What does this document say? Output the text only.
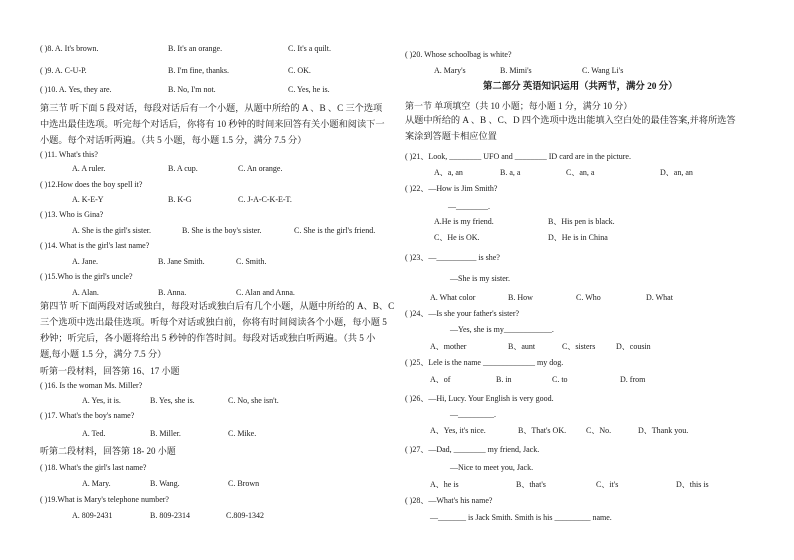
( )8. A. It's brown.	B. It's an orange.	C. It's a quilt.
( )9. A. C-U-P.	B. I'm fine, thanks.	C. OK.
( )10. A. Yes, they are.	B. No, I'm not.	C. Yes, he is.
第三节 听下面 5 段对话，每段对话后有一个小题，从题中所给的 A 、B 、C 三个选项
中选出最佳选项。听完每个对话后，你将有 10 秒钟的时间来回答有关小题和阅读下一
小题。每个对话听两遍。（共 5 小题，每小题 1.5 分，满分 7.5 分）
( )11. What's this?
A. A ruler.	B. A cup.	C. An orange.
( )12.How does the boy spell it?
A. K-E-Y	B. K-G	C. J-A-C-K-E-T.
( )13. Who is Gina?
A. She is the girl's sister.	B. She is the boy's sister.	C. She is the girl's friend.
( )14. What is the girl's last name?
A. Jane.	B. Jane Smith.	C. Smith.
( )15.Who is the girl's uncle?
A. Alan.	B. Anna.	C. Alan and Anna.
第四节 听下面两段对话或独白，每段对话或独白后有几个小题，从题中所给的 A、B、C
三个选项中选出最佳选项。听每个对话或独白前，你将有时间阅读各个小题，每小题 5
秒钟；听完后，各小题将给出 5 秒钟的作答时间。每段对话或独白听两遍。（共 5 小
题,每小题 1.5 分，满分 7.5 分）
听第一段材料，回答第 16、17 小题
( )16. Is the woman Ms. Miller?
A. Yes, it is.	B. Yes, she is.	C. No, she isn't.
( )17. What's the boy's name?
A. Ted.	B. Miller.	C. Mike.
听第二段材料，回答第 18- 20 小题
( )18. What's the girl's last name?
A. Mary.	B. Wang.	C. Brown
( )19.What is Mary's telephone number?
A. 809-2431	B. 809-2314	C.809-1342
( )20. Whose schoolbag is white?
A. Mary's	B. Mimi's	C. Wang Li's
第二部分 英语知识运用（共两节，满分 20 分）
第一节 单项填空（共 10 小题；每小题 1 分，满分 10 分）
从题中所给的 A 、B 、C、D 四个选项中选出能填入空白处的最佳答案,并将所选答
案涂到答题卡相应位置
( )21、Look, ________ UFO and ________ ID card are in the picture.
A、a, an	B. a, a	C、an, a	D、an, an
( )22、—How is Jim Smith?
—________.
A.He is my friend.	B、His pen is black.
C、He is OK.	D、He is in China
( )23、—__________ is she?
—She is my sister.
A. What color	B. How	C. Who	D. What
( )24、—Is she your father's sister?
—Yes, she is my____________.
A、mother	B、aunt	C、sisters	D、cousin
( )25、Lele is the name _____________ my dog.
A、of	B. in	C. to	D. from
( )26、—Hi, Lucy. Your English is very good.
—_________.
A、Yes, it's nice.	B、That's OK. C、No.	D、Thank you.
( )27、—Dad, ________ my friend, Jack.
—Nice to meet you, Jack.
A、he is	B、that's	C、it's	D、this is
( )28、—What's his name?
—_______ is Jack Smith. Smith is his _________ name.
